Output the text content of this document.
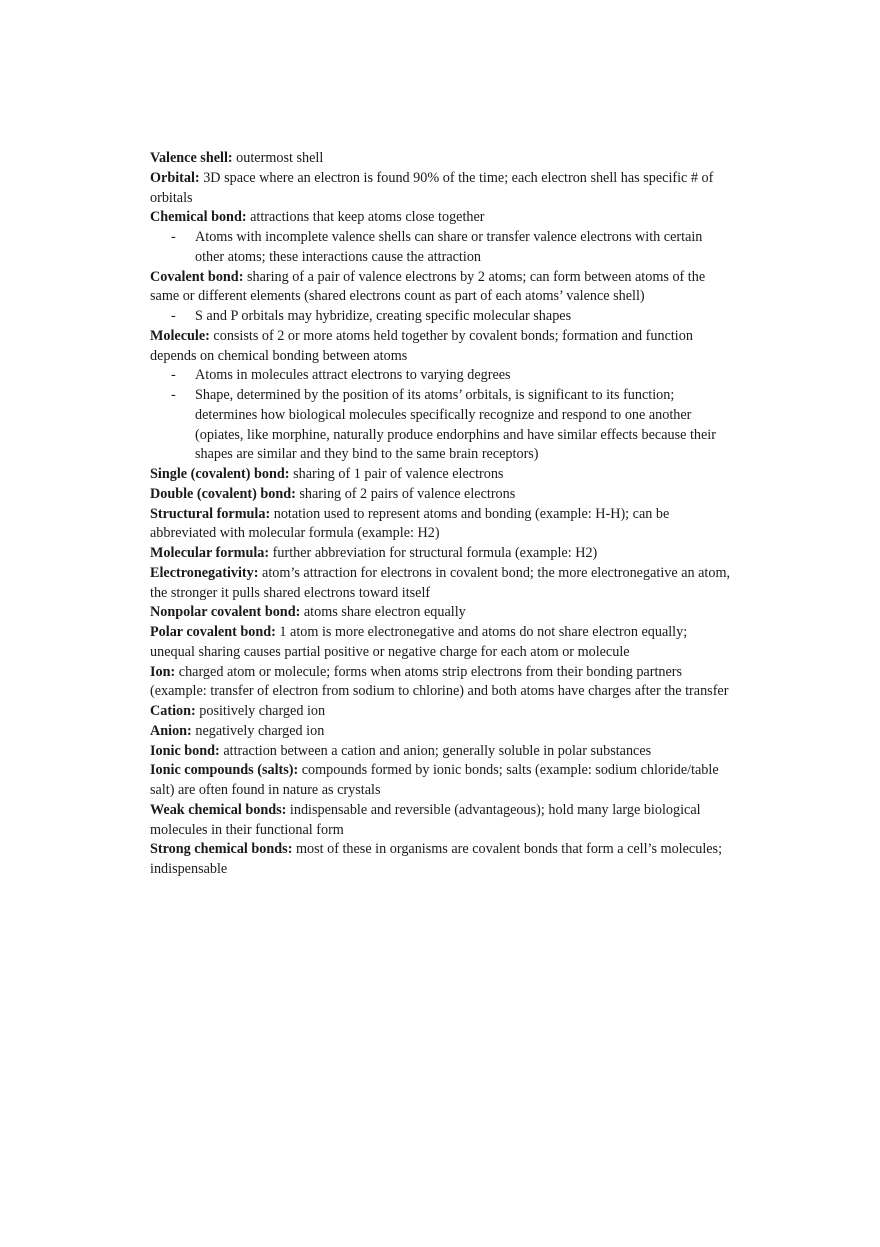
Valence shell: outermost shell

Orbital: 3D space where an electron is found 90% of the time; each electron shell has specific # of orbitals

Chemical bond: attractions that keep atoms close together

- Atoms with incomplete valence shells can share or transfer valence electrons with certain other atoms; these interactions cause the attraction

Covalent bond: sharing of a pair of valence electrons by 2 atoms; can form between atoms of the same or different elements (shared electrons count as part of each atoms’ valence shell)

- S and P orbitals may hybridize, creating specific molecular shapes

Molecule: consists of 2 or more atoms held together by covalent bonds; formation and function depends on chemical bonding between atoms

- Atoms in molecules attract electrons to varying degrees
- Shape, determined by the position of its atoms’ orbitals, is significant to its function; determines how biological molecules specifically recognize and respond to one another (opiates, like morphine, naturally produce endorphins and have similar effects because their shapes are similar and they bind to the same brain receptors)

Single (covalent) bond: sharing of 1 pair of valence electrons

Double (covalent) bond: sharing of 2 pairs of valence electrons

Structural formula: notation used to represent atoms and bonding (example: H-H); can be abbreviated with molecular formula (example: H2)

Molecular formula: further abbreviation for structural formula (example: H2)

Electronegativity: atom’s attraction for electrons in covalent bond; the more electronegative an atom, the stronger it pulls shared electrons toward itself

Nonpolar covalent bond: atoms share electron equally

Polar covalent bond: 1 atom is more electronegative and atoms do not share electron equally; unequal sharing causes partial positive or negative charge for each atom or molecule

Ion: charged atom or molecule; forms when atoms strip electrons from their bonding partners (example: transfer of electron from sodium to chlorine) and both atoms have charges after the transfer

Cation: positively charged ion

Anion: negatively charged ion

Ionic bond: attraction between a cation and anion; generally soluble in polar substances

Ionic compounds (salts): compounds formed by ionic bonds; salts (example: sodium chloride/table salt) are often found in nature as crystals

Weak chemical bonds: indispensable and reversible (advantageous); hold many large biological molecules in their functional form

Strong chemical bonds: most of these in organisms are covalent bonds that form a cell’s molecules; indispensable
